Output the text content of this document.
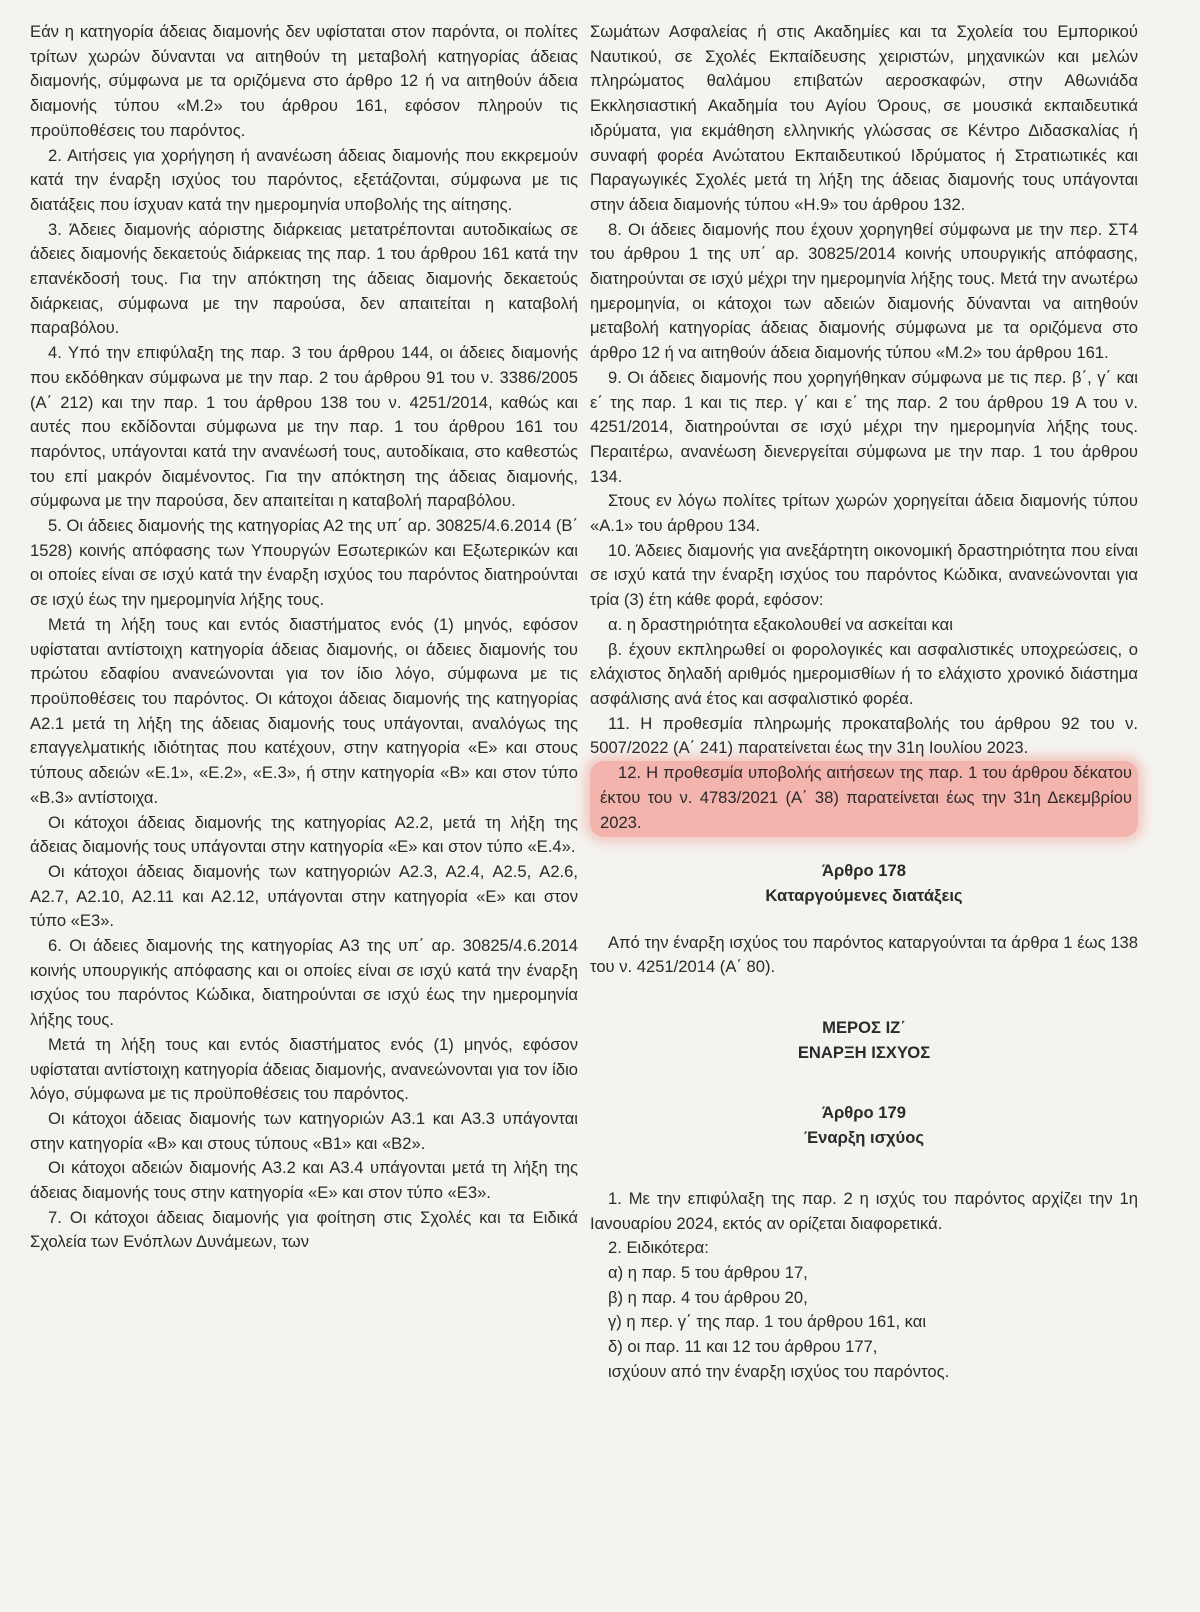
Εάν η κατηγορία άδειας διαμονής δεν υφίσταται στον παρόντα, οι πολίτες τρίτων χωρών δύνανται να αιτηθούν τη μεταβολή κατηγορίας άδειας διαμονής, σύμφωνα με τα οριζόμενα στο άρθρο 12 ή να αιτηθούν άδεια διαμονής τύπου «Μ.2» του άρθρου 161, εφόσον πληρούν τις προϋποθέσεις του παρόντος.

2. Αιτήσεις για χορήγηση ή ανανέωση άδειας διαμονής που εκκρεμούν κατά την έναρξη ισχύος του παρόντος, εξετάζονται, σύμφωνα με τις διατάξεις που ίσχυαν κατά την ημερομηνία υποβολής της αίτησης.

3. Άδειες διαμονής αόριστης διάρκειας μετατρέπονται αυτοδικαίως σε άδειες διαμονής δεκαετούς διάρκειας της παρ. 1 του άρθρου 161 κατά την επανέκδοσή τους. Για την απόκτηση της άδειας διαμονής δεκαετούς διάρκειας, σύμφωνα με την παρούσα, δεν απαιτείται η καταβολή παραβόλου.

4. Υπό την επιφύλαξη της παρ. 3 του άρθρου 144, οι άδειες διαμονής που εκδόθηκαν σύμφωνα με την παρ. 2 του άρθρου 91 του ν. 3386/2005 (Α΄ 212) και την παρ. 1 του άρθρου 138 του ν. 4251/2014, καθώς και αυτές που εκδίδονται σύμφωνα με την παρ. 1 του άρθρου 161 του παρόντος, υπάγονται κατά την ανανέωσή τους, αυτοδίκαια, στο καθεστώς του επί μακρόν διαμένοντος. Για την απόκτηση της άδειας διαμονής, σύμφωνα με την παρούσα, δεν απαιτείται η καταβολή παραβόλου.

5. Οι άδειες διαμονής της κατηγορίας Α2 της υπ΄ αρ. 30825/4.6.2014 (Β΄ 1528) κοινής απόφασης των Υπουργών Εσωτερικών και Εξωτερικών και οι οποίες είναι σε ισχύ κατά την έναρξη ισχύος του παρόντος διατηρούνται σε ισχύ έως την ημερομηνία λήξης τους.

Μετά τη λήξη τους και εντός διαστήματος ενός (1) μηνός, εφόσον υφίσταται αντίστοιχη κατηγορία άδειας διαμονής, οι άδειες διαμονής του πρώτου εδαφίου ανανεώνονται για τον ίδιο λόγο, σύμφωνα με τις προϋποθέσεις του παρόντος. Οι κάτοχοι άδειας διαμονής της κατηγορίας Α2.1 μετά τη λήξη της άδειας διαμονής τους υπάγονται, αναλόγως της επαγγελματικής ιδιότητας που κατέχουν, στην κατηγορία «Ε» και στους τύπους αδειών «Ε.1», «Ε.2», «Ε.3», ή στην κατηγορία «Β» και στον τύπο «Β.3» αντίστοιχα.

Οι κάτοχοι άδειας διαμονής της κατηγορίας Α2.2, μετά τη λήξη της άδειας διαμονής τους υπάγονται στην κατηγορία «Ε» και στον τύπο «Ε.4».

Οι κάτοχοι άδειας διαμονής των κατηγοριών Α2.3, Α2.4, Α2.5, Α2.6, Α2.7, Α2.10, Α2.11 και Α2.12, υπάγονται στην κατηγορία «Ε» και στον τύπο «Ε3».

6. Οι άδειες διαμονής της κατηγορίας Α3 της υπ΄ αρ. 30825/4.6.2014 κοινής υπουργικής απόφασης και οι οποίες είναι σε ισχύ κατά την έναρξη ισχύος του παρόντος Κώδικα, διατηρούνται σε ισχύ έως την ημερομηνία λήξης τους.

Μετά τη λήξη τους και εντός διαστήματος ενός (1) μηνός, εφόσον υφίσταται αντίστοιχη κατηγορία άδειας διαμονής, ανανεώνονται για τον ίδιο λόγο, σύμφωνα με τις προϋποθέσεις του παρόντος.

Οι κάτοχοι άδειας διαμονής των κατηγοριών Α3.1 και Α3.3 υπάγονται στην κατηγορία «Β» και στους τύπους «Β1» και «Β2».

Οι κάτοχοι αδειών διαμονής Α3.2 και Α3.4 υπάγονται μετά τη λήξη της άδειας διαμονής τους στην κατηγορία «Ε» και στον τύπο «Ε3».

7. Οι κάτοχοι άδειας διαμονής για φοίτηση στις Σχολές και τα Ειδικά Σχολεία των Ενόπλων Δυνάμεων, των

Σωμάτων Ασφαλείας ή στις Ακαδημίες και τα Σχολεία του Εμπορικού Ναυτικού, σε Σχολές Εκπαίδευσης χειριστών, μηχανικών και μελών πληρώματος θαλάμου επιβατών αεροσκαφών, στην Αθωνιάδα Εκκλησιαστική Ακαδημία του Αγίου Όρους, σε μουσικά εκπαιδευτικά ιδρύματα, για εκμάθηση ελληνικής γλώσσας σε Κέντρο Διδασκαλίας ή συναφή φορέα Ανώτατου Εκπαιδευτικού Ιδρύματος ή Στρατιωτικές και Παραγωγικές Σχολές μετά τη λήξη της άδειας διαμονής τους υπάγονται στην άδεια διαμονής τύπου «Η.9» του άρθρου 132.

8. Οι άδειες διαμονής που έχουν χορηγηθεί σύμφωνα με την περ. ΣΤ4 του άρθρου 1 της υπ΄ αρ. 30825/2014 κοινής υπουργικής απόφασης, διατηρούνται σε ισχύ μέχρι την ημερομηνία λήξης τους. Μετά την ανωτέρω ημερομηνία, οι κάτοχοι των αδειών διαμονής δύνανται να αιτηθούν μεταβολή κατηγορίας άδειας διαμονής σύμφωνα με τα οριζόμενα στο άρθρο 12 ή να αιτηθούν άδεια διαμονής τύπου «Μ.2» του άρθρου 161.

9. Οι άδειες διαμονής που χορηγήθηκαν σύμφωνα με τις περ. β΄, γ΄ και ε΄ της παρ. 1 και τις περ. γ΄ και ε΄ της παρ. 2 του άρθρου 19 Α του ν. 4251/2014, διατηρούνται σε ισχύ μέχρι την ημερομηνία λήξης τους. Περαιτέρω, ανανέωση διενεργείται σύμφωνα με την παρ. 1 του άρθρου 134.

Στους εν λόγω πολίτες τρίτων χωρών χορηγείται άδεια διαμονής τύπου «Α.1» του άρθρου 134.

10. Άδειες διαμονής για ανεξάρτητη οικονομική δραστηριότητα που είναι σε ισχύ κατά την έναρξη ισχύος του παρόντος Κώδικα, ανανεώνονται για τρία (3) έτη κάθε φορά, εφόσον:

α. η δραστηριότητα εξακολουθεί να ασκείται και

β. έχουν εκπληρωθεί οι φορολογικές και ασφαλιστικές υποχρεώσεις, ο ελάχιστος δηλαδή αριθμός ημερομισθίων ή το ελάχιστο χρονικό διάστημα ασφάλισης ανά έτος και ασφαλιστικό φορέα.

11. Η προθεσμία πληρωμής προκαταβολής του άρθρου 92 του ν. 5007/2022 (Α΄ 241) παρατείνεται έως την 31η Ιουλίου 2023.

12. Η προθεσμία υποβολής αιτήσεων της παρ. 1 του άρθρου δέκατου έκτου του ν. 4783/2021 (Α΄ 38) παρατείνεται έως την 31η Δεκεμβρίου 2023.

Άρθρο 178

Καταργούμενες διατάξεις

Από την έναρξη ισχύος του παρόντος καταργούνται τα άρθρα 1 έως 138 του ν. 4251/2014 (Α΄ 80).

ΜΕΡΟΣ ΙΖ΄

ΕΝΑΡΞΗ ΙΣΧΥΟΣ

Άρθρο 179

Έναρξη ισχύος

1. Με την επιφύλαξη της παρ. 2 η ισχύς του παρόντος αρχίζει την 1η Ιανουαρίου 2024, εκτός αν ορίζεται διαφορετικά.

2. Ειδικότερα:

α) η παρ. 5 του άρθρου 17,

β) η παρ. 4 του άρθρου 20,

γ) η περ. γ΄ της παρ. 1 του άρθρου 161, και

δ) οι παρ. 11 και 12 του άρθρου 177,

ισχύουν από την έναρξη ισχύος του παρόντος.
